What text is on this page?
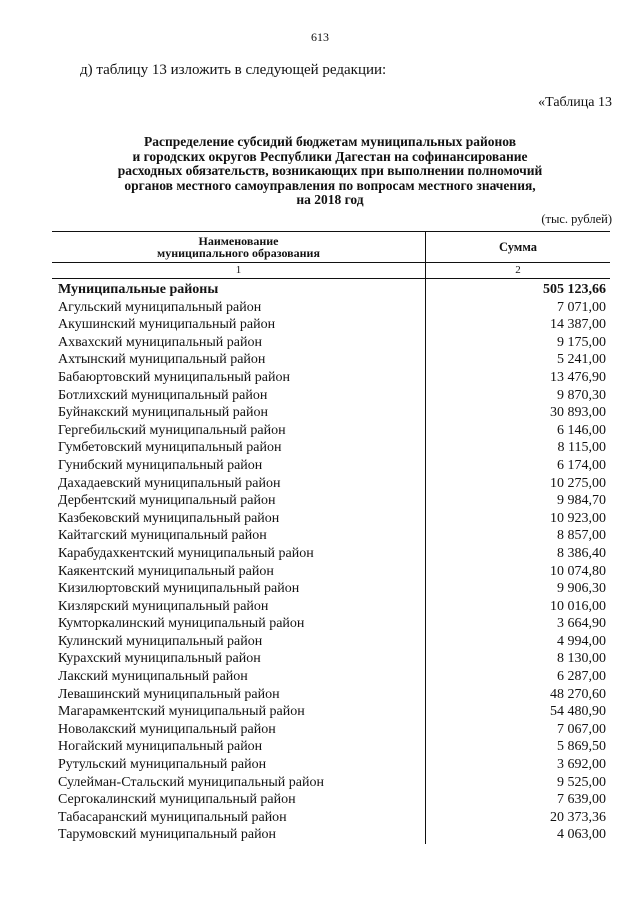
613
д) таблицу 13 изложить в следующей редакции:
«Таблица 13
Распределение субсидий бюджетам муниципальных районов
и городских округов Республики Дагестан на софинансирование
расходных обязательств, возникающих при выполнении полномочий
органов местного самоуправления по вопросам местного значения,
на 2018 год
(тыс. рублей)
Наименование
муниципального образования	Сумма
1	2
Муниципальные районы
Агульский муниципальный район
Акушинский муниципальный район
Ахвахский муниципальный район
Ахтынский муниципальный район
Бабаюртовский муниципальный район
Ботлихский муниципальный район
Буйнакский муниципальный район
Гергебильский муниципальный район
Гумбетовский муниципальный район
Гунибский муниципальный район
Дахадаевский муниципальный район
Дербентский муниципальный район
Казбековский муниципальный район
Кайтагский муниципальный район
Карабудахкентский муниципальный район
Каякентский муниципальный район
Кизилюртовский муниципальный район
Кизлярский муниципальный район
Кумторкалинский муниципальный район
Кулинский муниципальный район
Курахский муниципальный район
Лакский муниципальный район
Левашинский муниципальный район
Магарамкентский муниципальный район
Новолакский муниципальный район
Ногайский муниципальный район
Рутульский муниципальный район
Сулейман-Стальский муниципальный район
Сергокалинский муниципальный район
Табасаранский муниципальный район
Тарумовский муниципальный район
505 123,66
7 071,00
14 387,00
9 175,00
5 241,00
13 476,90
9 870,30
30 893,00
6 146,00
8 115,00
6 174,00
10 275,00
9 984,70
10 923,00
8 857,00
8 386,40
10 074,80
9 906,30
10 016,00
3 664,90
4 994,00
8 130,00
6 287,00
48 270,60
54 480,90
7 067,00
5 869,50
3 692,00
9 525,00
7 639,00
20 373,36
4 063,00
